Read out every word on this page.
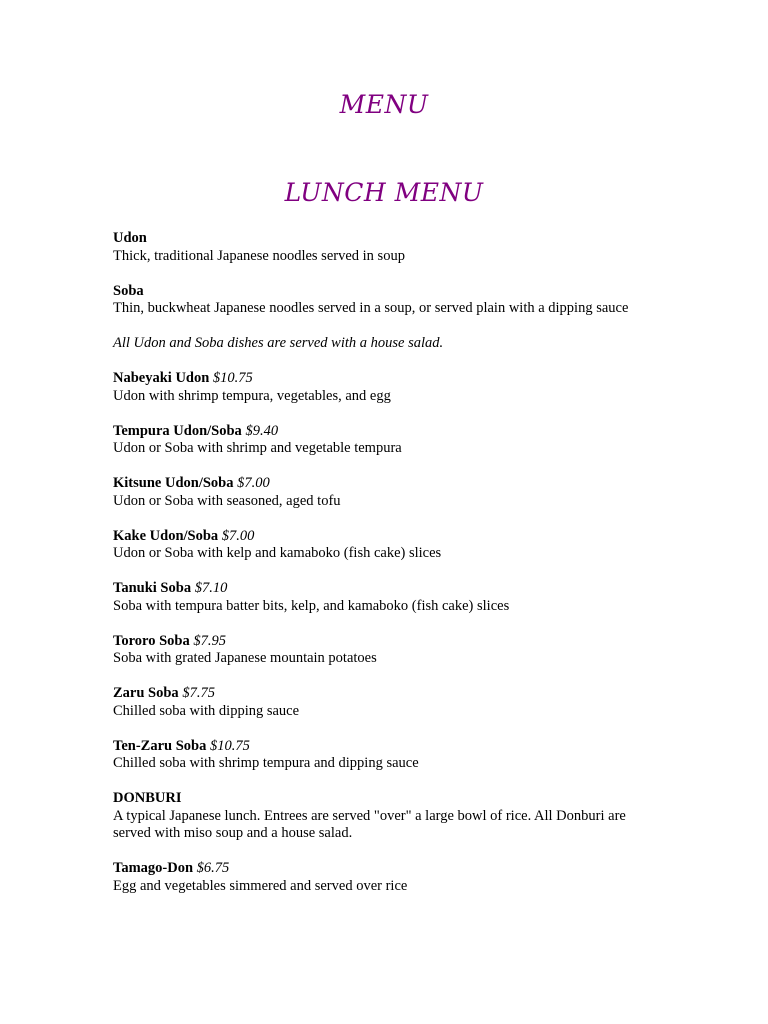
MENU
LUNCH MENU
Udon
Thick, traditional Japanese noodles served in soup
Soba
Thin, buckwheat Japanese noodles served in a soup, or served plain with a dipping sauce
All Udon and Soba dishes are served with a house salad.
Nabeyaki Udon $10.75
Udon with shrimp tempura, vegetables, and egg
Tempura Udon/Soba $9.40
Udon or Soba with shrimp and vegetable tempura
Kitsune Udon/Soba $7.00
Udon or Soba with seasoned, aged tofu
Kake Udon/Soba $7.00
Udon or Soba with kelp and kamaboko (fish cake) slices
Tanuki Soba $7.10
Soba with tempura batter bits, kelp, and kamaboko (fish cake) slices
Tororo Soba $7.95
Soba with grated Japanese mountain potatoes
Zaru Soba $7.75
Chilled soba with dipping sauce
Ten-Zaru Soba $10.75
Chilled soba with shrimp tempura and dipping sauce
DONBURI
A typical Japanese lunch. Entrees are served "over" a large bowl of rice. All Donburi are
served with miso soup and a house salad.
Tamago-Don $6.75
Egg and vegetables simmered and served over rice
